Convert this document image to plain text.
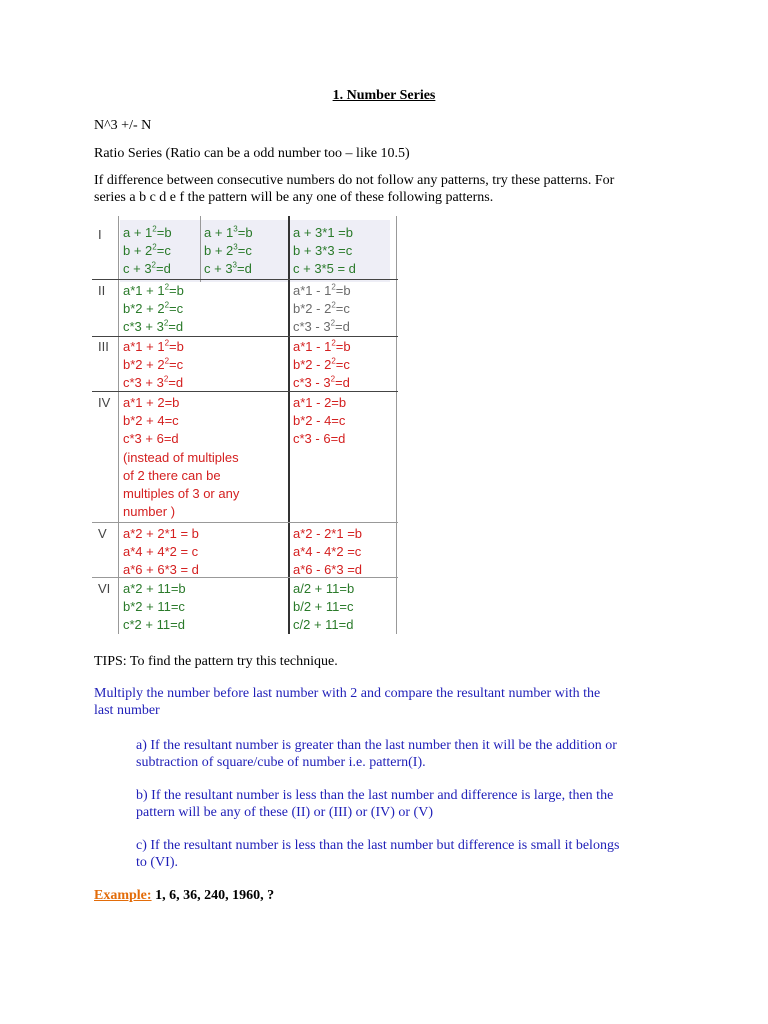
1. Number Series
N^3 +/- N
Ratio Series (Ratio can be a odd number too – like 10.5)
If difference between consecutive numbers do not follow any patterns, try these patterns. For
series a b c d e f the pattern will be any one of these following patterns.
I $a + 1^2=b$
$b + 2^2=c$
$c + 3^2=d$
$a + 1^3=b$
$b + 2^3=c$
$c + 3^3=d$
a + 3*1 =b
b + 3*3 =c
c + 3*5 = d
II $a*1 + 1^2=b$
$b*2 + 2^2=c$
$c*3 + 3^2=d$
$a*1 - 1^2=b$
$b*2 - 2^2=c$
$c*3 - 3^2=d$
III $a*1 + 1^2=b$
$b*2 + 2^2=c$
$c*3 + 3^2=d$
$a*1 - 1^2=b$
$b*2 - 2^2=c$
$c*3 - 3^2=d$
IV a*1 + 2=b
b*2 + 4=c
c*3 + 6=d
(instead of multiples
of 2 there can be
multiples of 3 or any
number )
a*1 - 2=b
b*2 - 4=c
c*3 - 6=d
V a*2 + 2*1 = b
a*4 + 4*2 = c
a*6 + 6*3 = d
a*2 - 2*1 =b
a*4 - 4*2 =c
a*6 - 6*3 =d
VI a*2 + 11=b
b*2 + 11=c
c*2 + 11=d
a/2 + 11=b
b/2 + 11=c
c/2 + 11=d
TIPS: To find the pattern try this technique.
Multiply the number before last number with 2 and compare the resultant number with the
last number
a) If the resultant number is greater than the last number then it will be the addition or
subtraction of square/cube of number i.e. pattern(I).
b) If the resultant number is less than the last number and difference is large, then the
pattern will be any of these (II) or (III) or (IV) or (V)
c) If the resultant number is less than the last number but difference is small it belongs
to (VI).
Example: 1, 6, 36, 240, 1960, ?
